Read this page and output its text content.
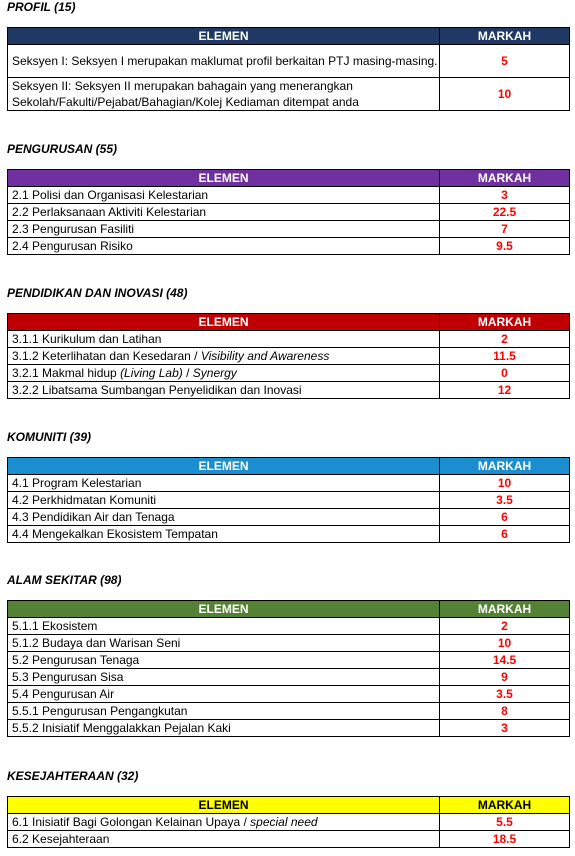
PROFIL (15)

ELEMEN	MARKAH
Seksyen I: Seksyen I merupakan maklumat profil berkaitan PTJ masing-masing.	5
Seksyen II: Seksyen II merupakan bahagain yang menerangkan Sekolah/Fakulti/Pejabat/Bahagian/Kolej Kediaman ditempat anda	10

PENGURUSAN (55)

ELEMEN	MARKAH
2.1 Polisi dan Organisasi Kelestarian	3
2.2 Perlaksanaan Aktiviti Kelestarian	22.5
2.3 Pengurusan Fasiliti	7
2.4 Pengurusan Risiko	9.5

PENDIDIKAN DAN INOVASI (48)

ELEMEN	MARKAH
3.1.1 Kurikulum dan Latihan	2
3.1.2 Keterlihatan dan Kesedaran / Visibility and Awareness	11.5
3.2.1 Makmal hidup (Living Lab) / Synergy	0
3.2.2 Libatsama Sumbangan Penyelidikan dan Inovasi	12

KOMUNITI (39)

ELEMEN	MARKAH
4.1 Program Kelestarian	10
4.2 Perkhidmatan Komuniti	3.5
4.3 Pendidikan Air dan Tenaga	6
4.4 Mengekalkan Ekosistem Tempatan	6

ALAM SEKITAR (98)

ELEMEN	MARKAH
5.1.1 Ekosistem	2
5.1.2 Budaya dan Warisan Seni	10
5.2 Pengurusan Tenaga	14.5
5.3 Pengurusan Sisa	9
5.4 Pengurusan Air	3.5
5.5.1 Pengurusan Pengangkutan	8
5.5.2 Inisiatif Menggalakkan Pejalan Kaki	3

KESEJAHTERAAN (32)

ELEMEN	MARKAH
6.1 Inisiatif Bagi Golongan Kelainan Upaya / special need	5.5
6.2 Kesejahteraan	18.5
